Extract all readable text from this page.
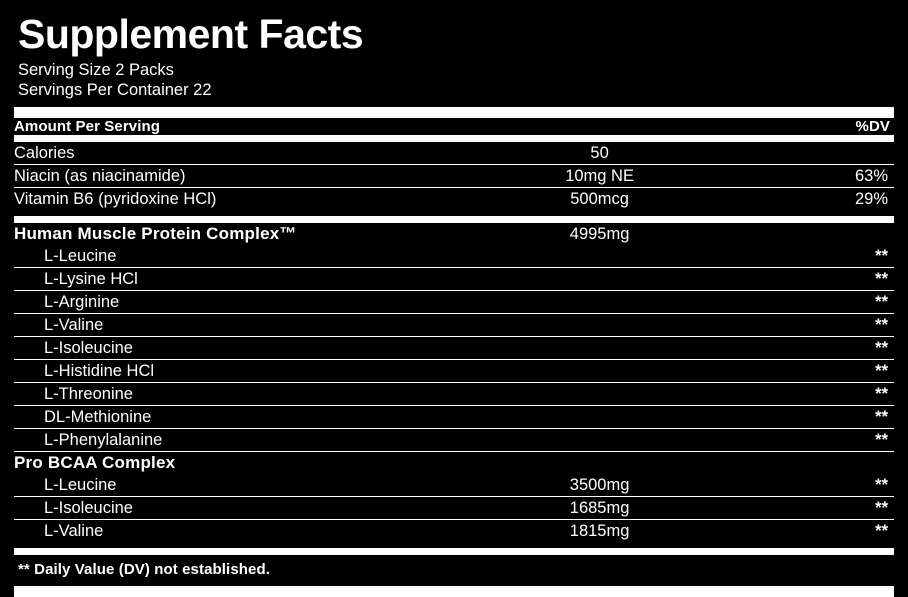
Supplement Facts
Serving Size 2 Packs
Servings Per Container 22
Amount Per Serving		%DV
Calories	50	

Niacin (as niacinamide)	10mg NE	63%

Vitamin B6 (pyridoxine HCl)	500mcg	29%
Human Muscle Protein Complex™	4995mg	
L-Leucine		**

L-Lysine HCl		**

L-Arginine		**

L-Valine		**

L-Isoleucine		**

L-Histidine HCl		**

L-Threonine		**

DL-Methionine		**

L-Phenylalanine		**

Pro BCAA Complex		
L-Leucine	3500mg	**

L-Isoleucine	1685mg	**

L-Valine	1815mg	**
** Daily Value (DV) not established.
